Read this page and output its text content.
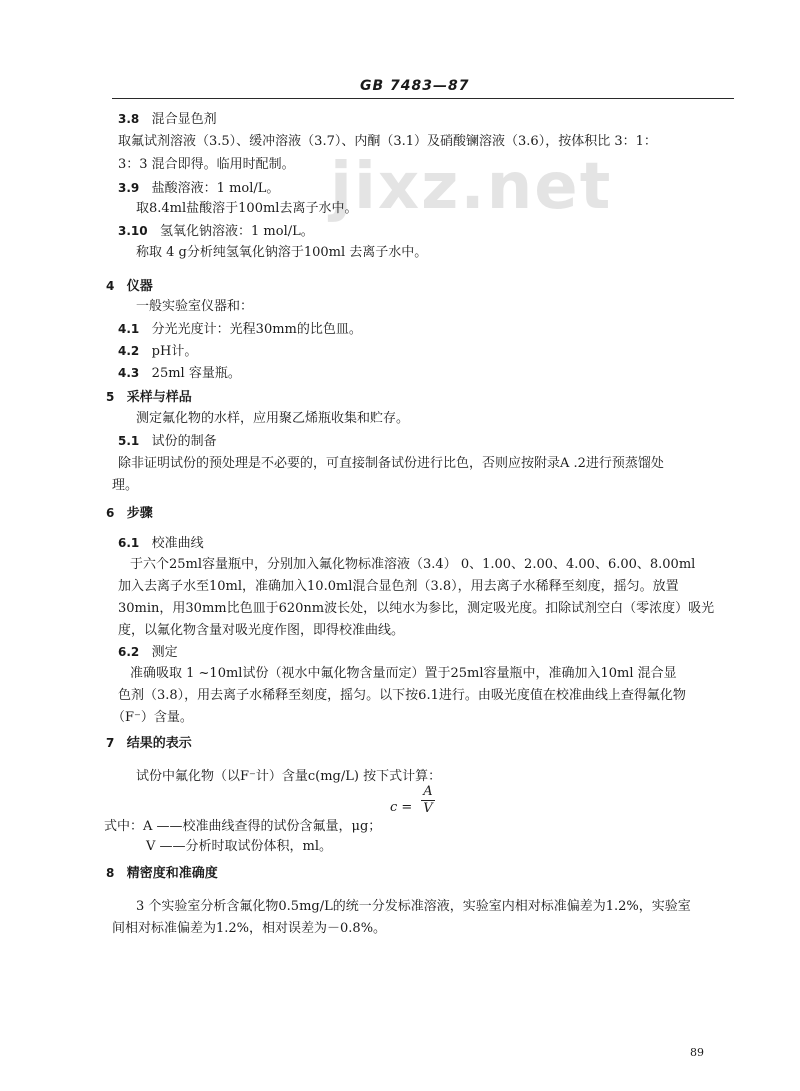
jixz.net
GB 7483—87
3.8 混合显色剂
取氟试剂溶液（3.5）、缓冲溶液（3.7）、内酮（3.1）及硝酸镧溶液（3.6），按体积比 3：1：
3：3 混合即得。临用时配制。
3.9 盐酸溶液：1 mol/L。
取8.4ml盐酸溶于100ml去离子水中。
3.10 氢氧化钠溶液：1 mol/L。
称取 4 g分析纯氢氧化钠溶于100ml 去离子水中。
4 仪器
一般实验室仪器和：
4.1 分光光度计：光程30mm的比色皿。
4.2 pH计。
4.3 25ml 容量瓶。
5 采样与样品
测定氟化物的水样，应用聚乙烯瓶收集和贮存。
5.1 试份的制备
除非证明试份的预处理是不必要的，可直接制备试份进行比色，否则应按附录A .2进行预蒸馏处
理。
6 步骤
6.1 校准曲线
于六个25ml容量瓶中，分别加入氟化物标准溶液（3.4） 0、1.00、2.00、4.00、6.00、8.00ml
加入去离子水至10ml，准确加入10.0ml混合显色剂（3.8），用去离子水稀释至刻度，摇匀。放置
30min，用30mm比色皿于620nm波长处，以纯水为参比，测定吸光度。扣除试剂空白（零浓度）吸光
度，以氟化物含量对吸光度作图，即得校准曲线。
6.2 测定
准确吸取 1 ~10ml试份（视水中氟化物含量而定）置于25ml容量瓶中，准确加入10ml 混合显
色剂（3.8），用去离子水稀释至刻度，摇匀。以下按6.1进行。由吸光度值在校准曲线上查得氟化物
（F⁻）含量。
7 结果的表示
试份中氟化物（以F⁻计）含量c(mg/L) 按下式计算：
c =
A
V
式中：A ——校准曲线查得的试份含氟量，μg；
V ——分析时取试份体积，ml。
8 精密度和准确度
3 个实验室分析含氟化物0.5mg/L的统一分发标准溶液，实验室内相对标准偏差为1.2%，实验室
间相对标准偏差为1.2%，相对误差为－0.8%。
89
